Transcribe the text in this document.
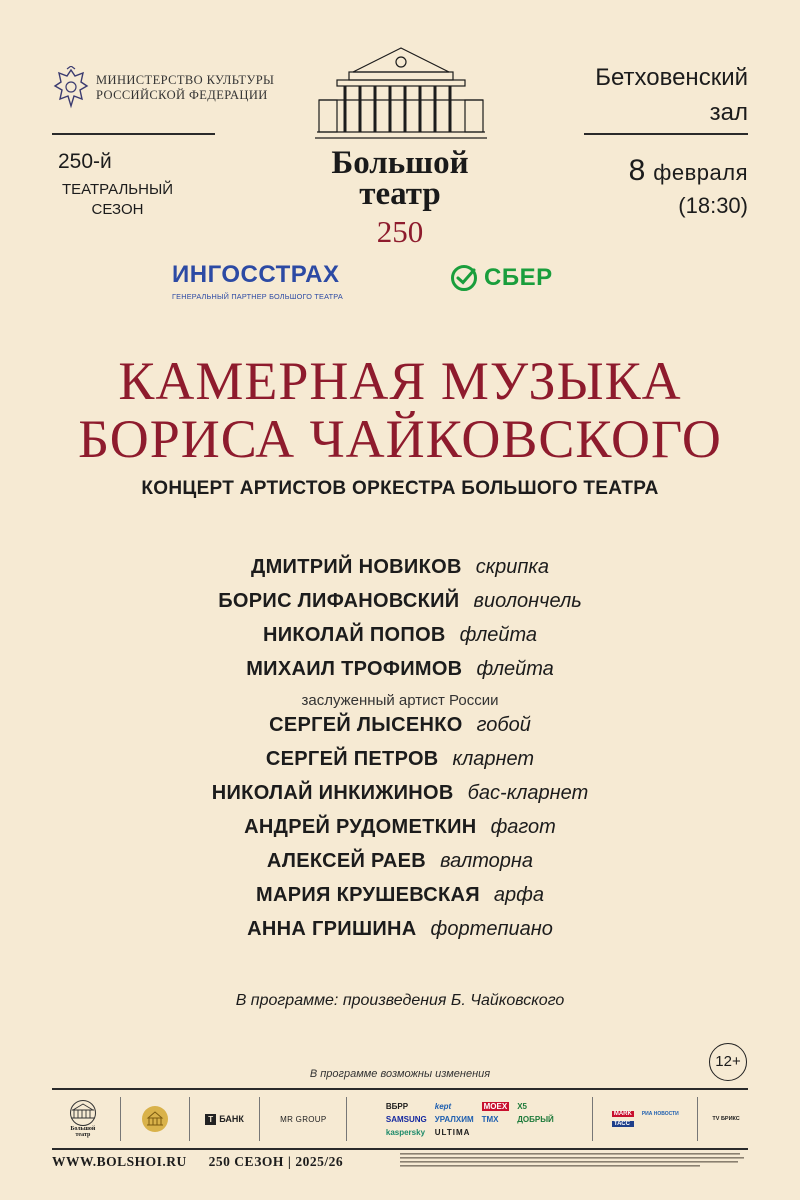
МИНИСТЕРСТВО КУЛЬТУРЫ
РОССИЙСКОЙ ФЕДЕРАЦИИ
250-й
ТЕАТРАЛЬНЫЙ
СЕЗОН
Большой
театр
250
Бетховенский
зал
8 февраля
(18:30)
ИНГОССТРАХ
ГЕНЕРАЛЬНЫЙ ПАРТНЕР БОЛЬШОГО ТЕАТРА
СБЕР
КАМЕРНАЯ МУЗЫКА
БОРИСА ЧАЙКОВСКОГО
КОНЦЕРТ АРТИСТОВ ОРКЕСТРА БОЛЬШОГО ТЕАТРА
ДМИТРИЙ НОВИКОВ скрипка
БОРИС ЛИФАНОВСКИЙ виолончель
НИКОЛАЙ ПОПОВ флейта
МИХАИЛ ТРОФИМОВ флейта
заслуженный артист России
СЕРГЕЙ ЛЫСЕНКО гобой
СЕРГЕЙ ПЕТРОВ кларнет
НИКОЛАЙ ИНКИЖИНОВ бас-кларнет
АНДРЕЙ РУДОМЕТКИН фагот
АЛЕКСЕЙ РАЕВ валторна
МАРИЯ КРУШЕВСКАЯ арфа
АННА ГРИШИНА фортепиано
В программе: произведения Б. Чайковского
12+
В программе возможны изменения
Большой
театр
T БАНК	MR GROUP
ВБРР	kept	MOEX X5
SAMSUNG УРАЛХИМ ТМХ	ДОБРЫЙ
kaspersky ULTIMA
MARK	РИА НОВОСТИ
ТАСС
TV БРИКС
WWW.BOLSHOI.RU 250 СЕЗОН | 2025/26
